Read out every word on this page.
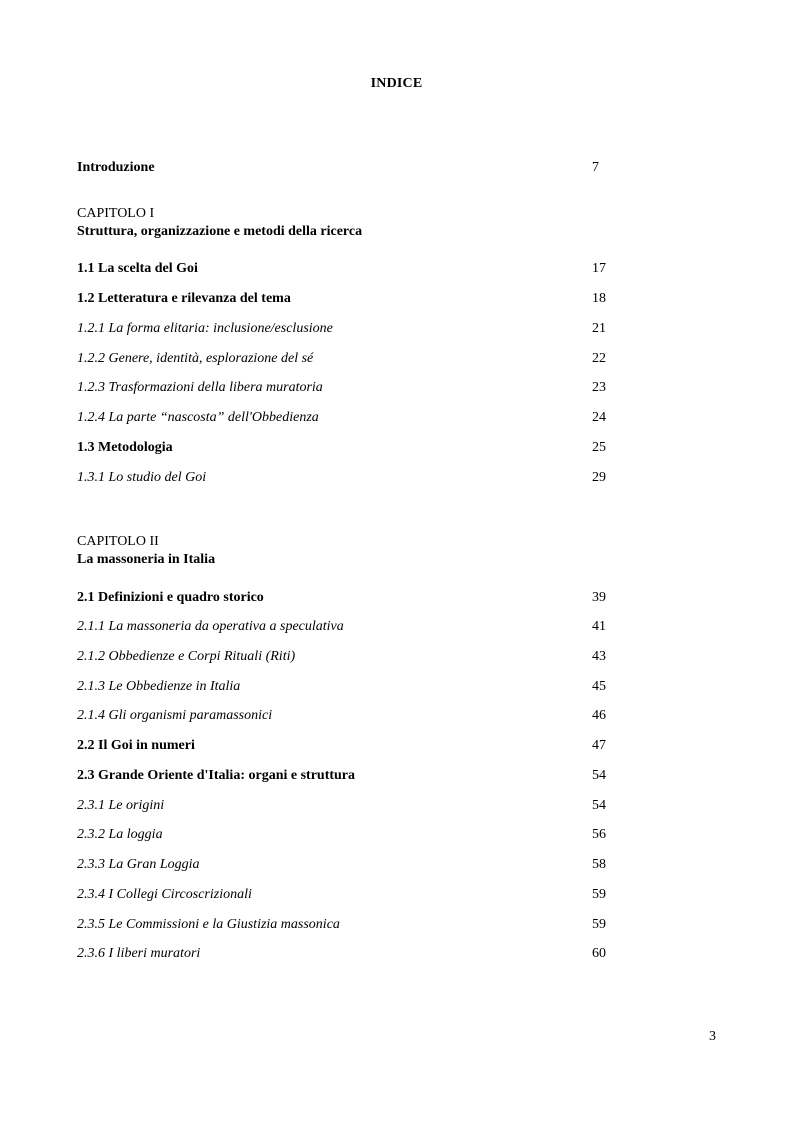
INDICE
Introduzione	7
CAPITOLO I
Struttura, organizzazione e metodi della ricerca
1.1 La scelta del Goi	17
1.2 Letteratura e rilevanza del tema	18
1.2.1 La forma elitaria: inclusione/esclusione	21
1.2.2 Genere, identità, esplorazione del sé	22
1.2.3 Trasformazioni della libera muratoria	23
1.2.4 La parte “nascosta” dell'Obbedienza	24
1.3 Metodologia	25
1.3.1 Lo studio del Goi	29
CAPITOLO II
La massoneria in Italia
2.1 Definizioni e quadro storico	39
2.1.1 La massoneria da operativa a speculativa	41
2.1.2 Obbedienze e Corpi Rituali (Riti)	43
2.1.3 Le Obbedienze in Italia	45
2.1.4 Gli organismi paramassonici	46
2.2 Il Goi in numeri	47
2.3 Grande Oriente d'Italia: organi e struttura	54
2.3.1 Le origini	54
2.3.2 La loggia	56
2.3.3 La Gran Loggia	58
2.3.4 I Collegi Circoscrizionali	59
2.3.5 Le Commissioni e la Giustizia massonica	59
2.3.6 I liberi muratori	60
3
